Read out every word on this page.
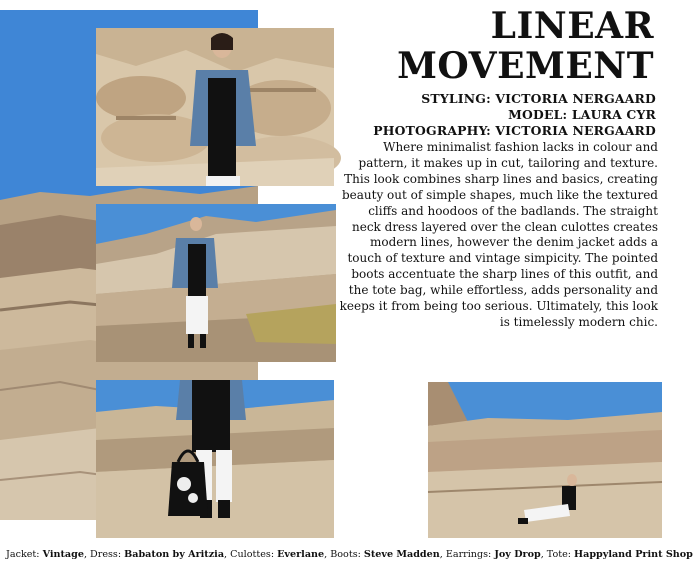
LINEAR
MOVEMENT
STYLING: VICTORIA NERGAARD
MODEL: LAURA CYR
PHOTOGRAPHY: VICTORIA NERGAARD

Where minimalist fashion lacks in colour and pattern, it makes up in cut, tailoring and texture. This look combines sharp lines and basics, creating beauty out of simple shapes, much like the textured cliffs and hoodoos of the badlands. The straight neck dress layered over the clean culottes creates modern lines, however the denim jacket adds a touch of texture and vintage simpicity. The pointed boots accentuate the sharp lines of this outfit, and the tote bag, while effortless, adds personality and keeps it from being too serious. Ultimately, this look is timelessly modern chic.

Jacket: Vintage, Dress: Babaton by Aritzia, Culottes: Everlane, Boots: Steve Madden, Earrings: Joy Drop, Tote: Happyland Print Shop
